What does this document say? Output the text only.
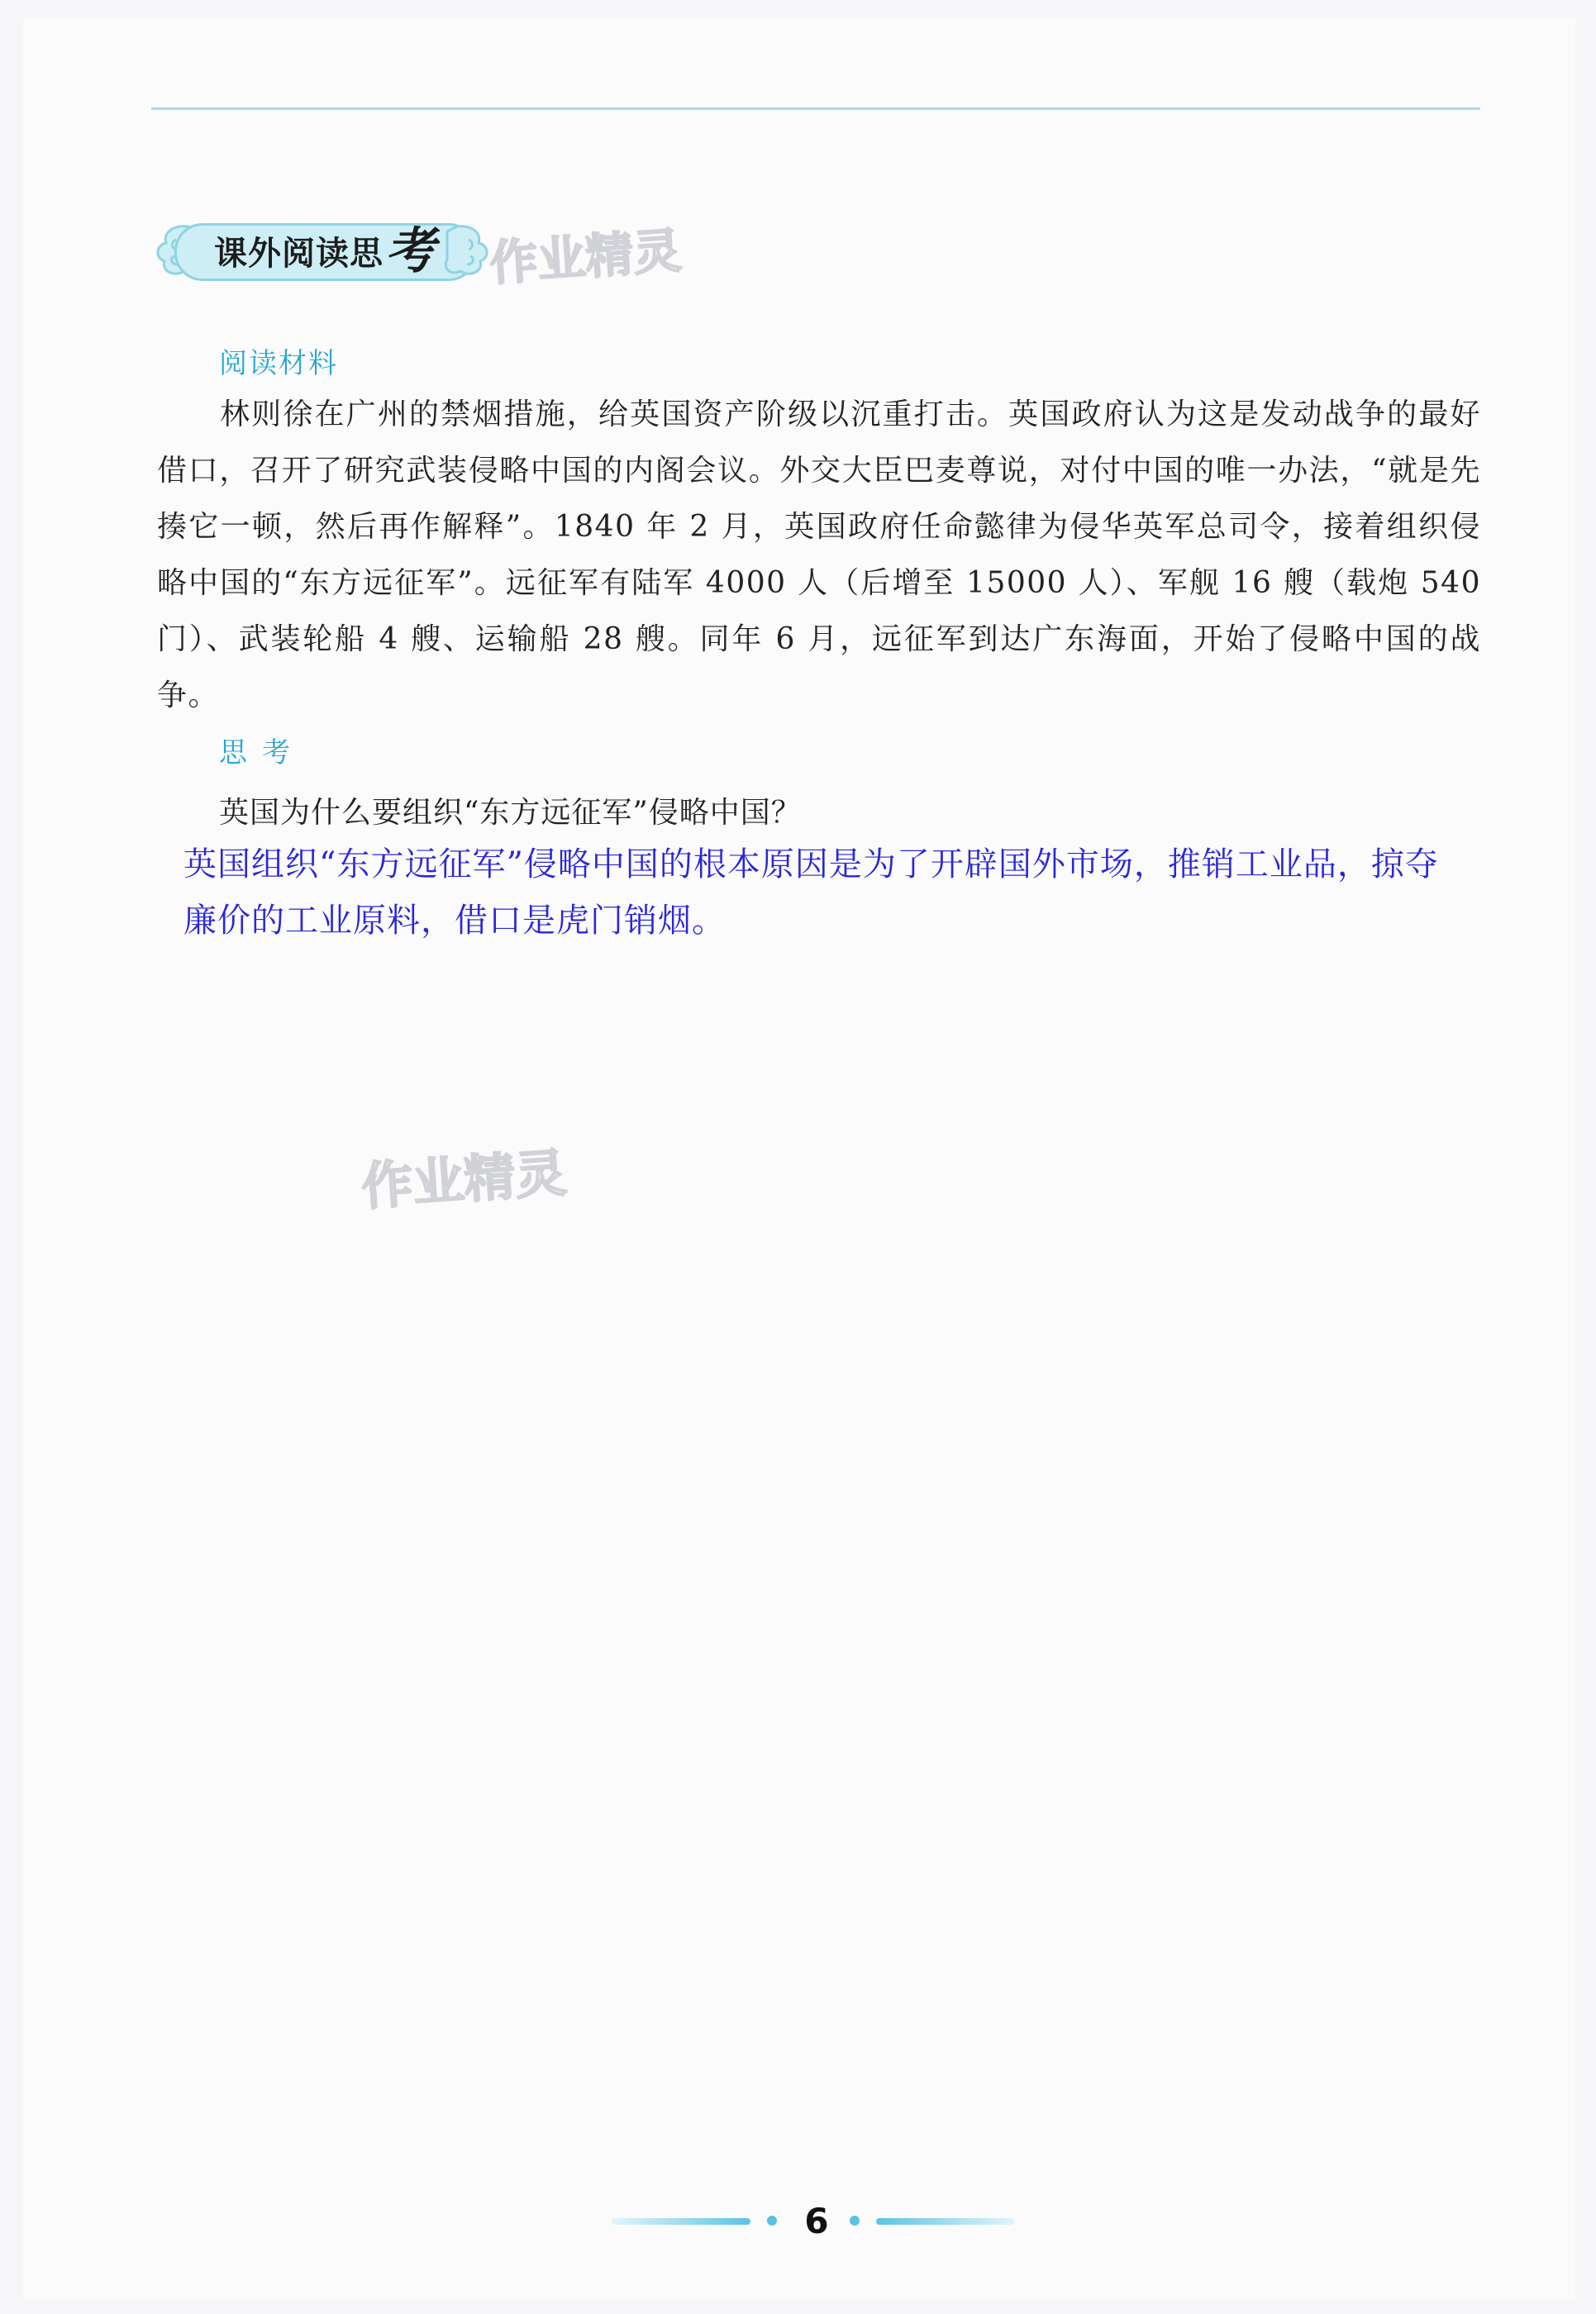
课外阅读思考 作业精灵
阅读材料
林则徐在广州的禁烟措施，给英国资产阶级以沉重打击。英国政府认为这是发动战争的最好借口，召开了研究武装侵略中国的内阁会议。外交大臣巴麦尊说，对付中国的唯一办法，“就是先揍它一顿，然后再作解释”。1840 年 2 月，英国政府任命懿律为侵华英军总司令，接着组织侵略中国的“东方远征军”。远征军有陆军 4000 人（后增至 15000 人）、军舰 16 艘（载炮 540 门）、武装轮船 4 艘、运输船 28 艘。同年 6 月，远征军到达广东海面，开始了侵略中国的战争。
思考
英国为什么要组织“东方远征军”侵略中国？
英国组织“东方远征军”侵略中国的根本原因是为了开辟国外市场，推销工业品，掠夺廉价的工业原料，借口是虎门销烟。
作业精灵
6
